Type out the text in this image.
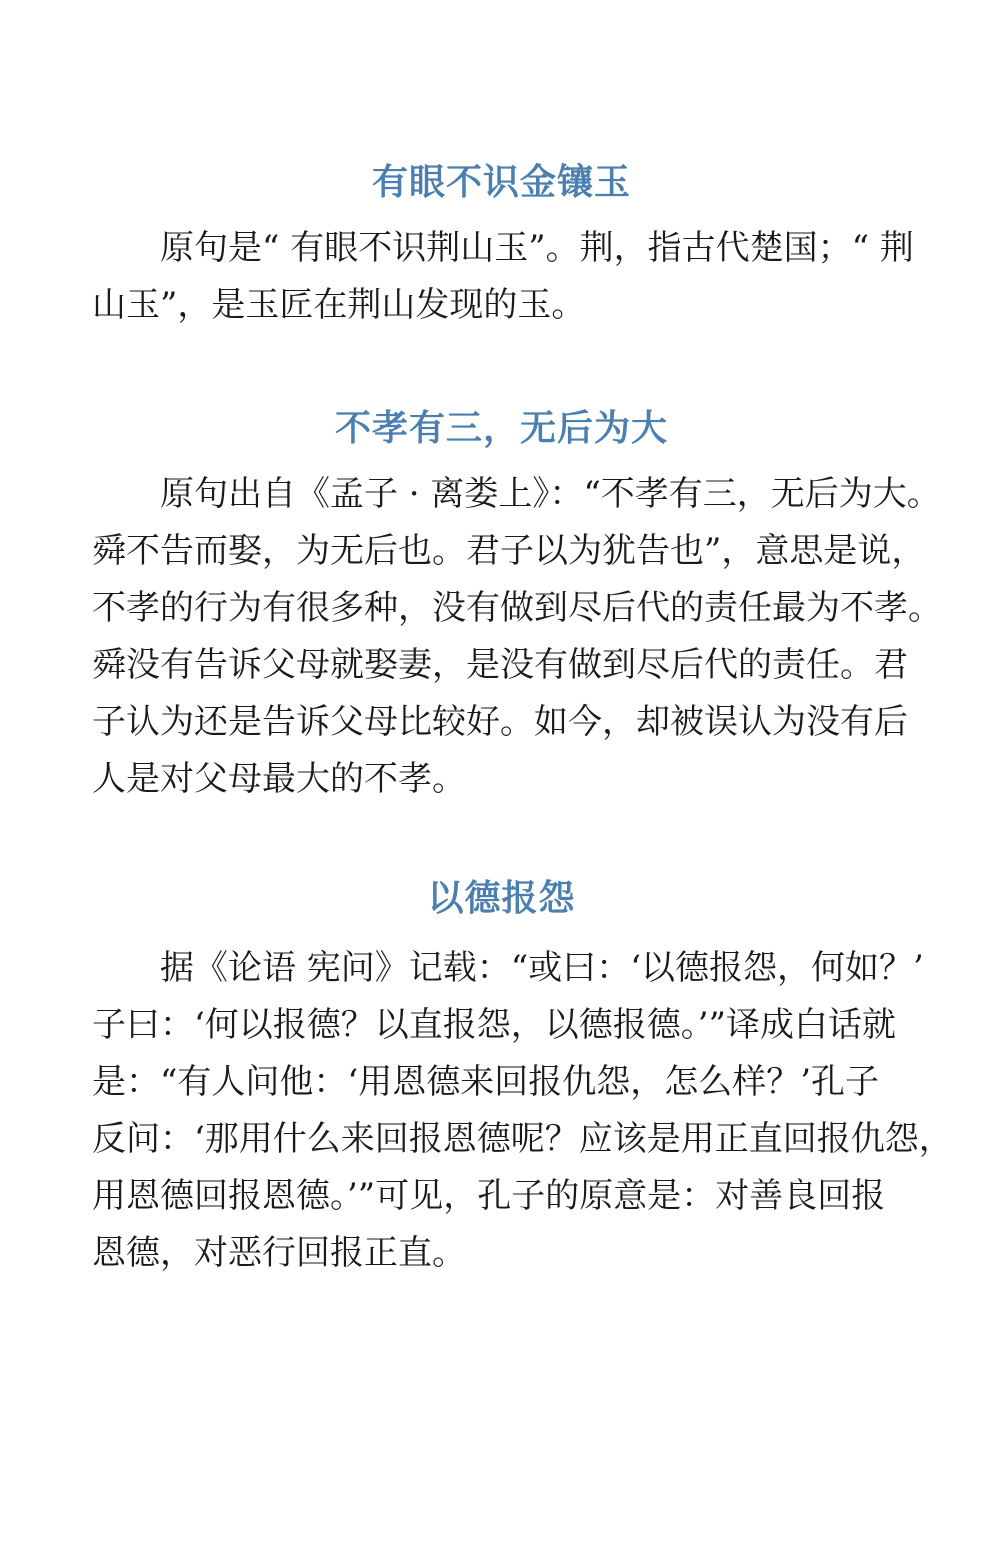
有眼不识金镶玉
原句是“ 有眼不识荆山玉”。荆，指古代楚国；“ 荆
山玉”，是玉匠在荆山发现的玉。
不孝有三，无后为大
原句出自《孟子 · 离娄上》：“不孝有三，无后为大。
舜不告而娶，为无后也。君子以为犹告也”，意思是说，
不孝的行为有很多种，没有做到尽后代的责任最为不孝。
舜没有告诉父母就娶妻，是没有做到尽后代的责任。君
子认为还是告诉父母比较好。如今，却被误认为没有后
人是对父母最大的不孝。
以德报怨
据《论语 宪问》记载：“或曰：‘以德报怨，何如？’
子曰：‘何以报德？以直报怨，以德报德。’”译成白话就
是：“有人问他：‘用恩德来回报仇怨，怎么样？’孔子
反问：‘那用什么来回报恩德呢？应该是用正直回报仇怨，
用恩德回报恩德。’”可见，孔子的原意是：对善良回报
恩德，对恶行回报正直。
